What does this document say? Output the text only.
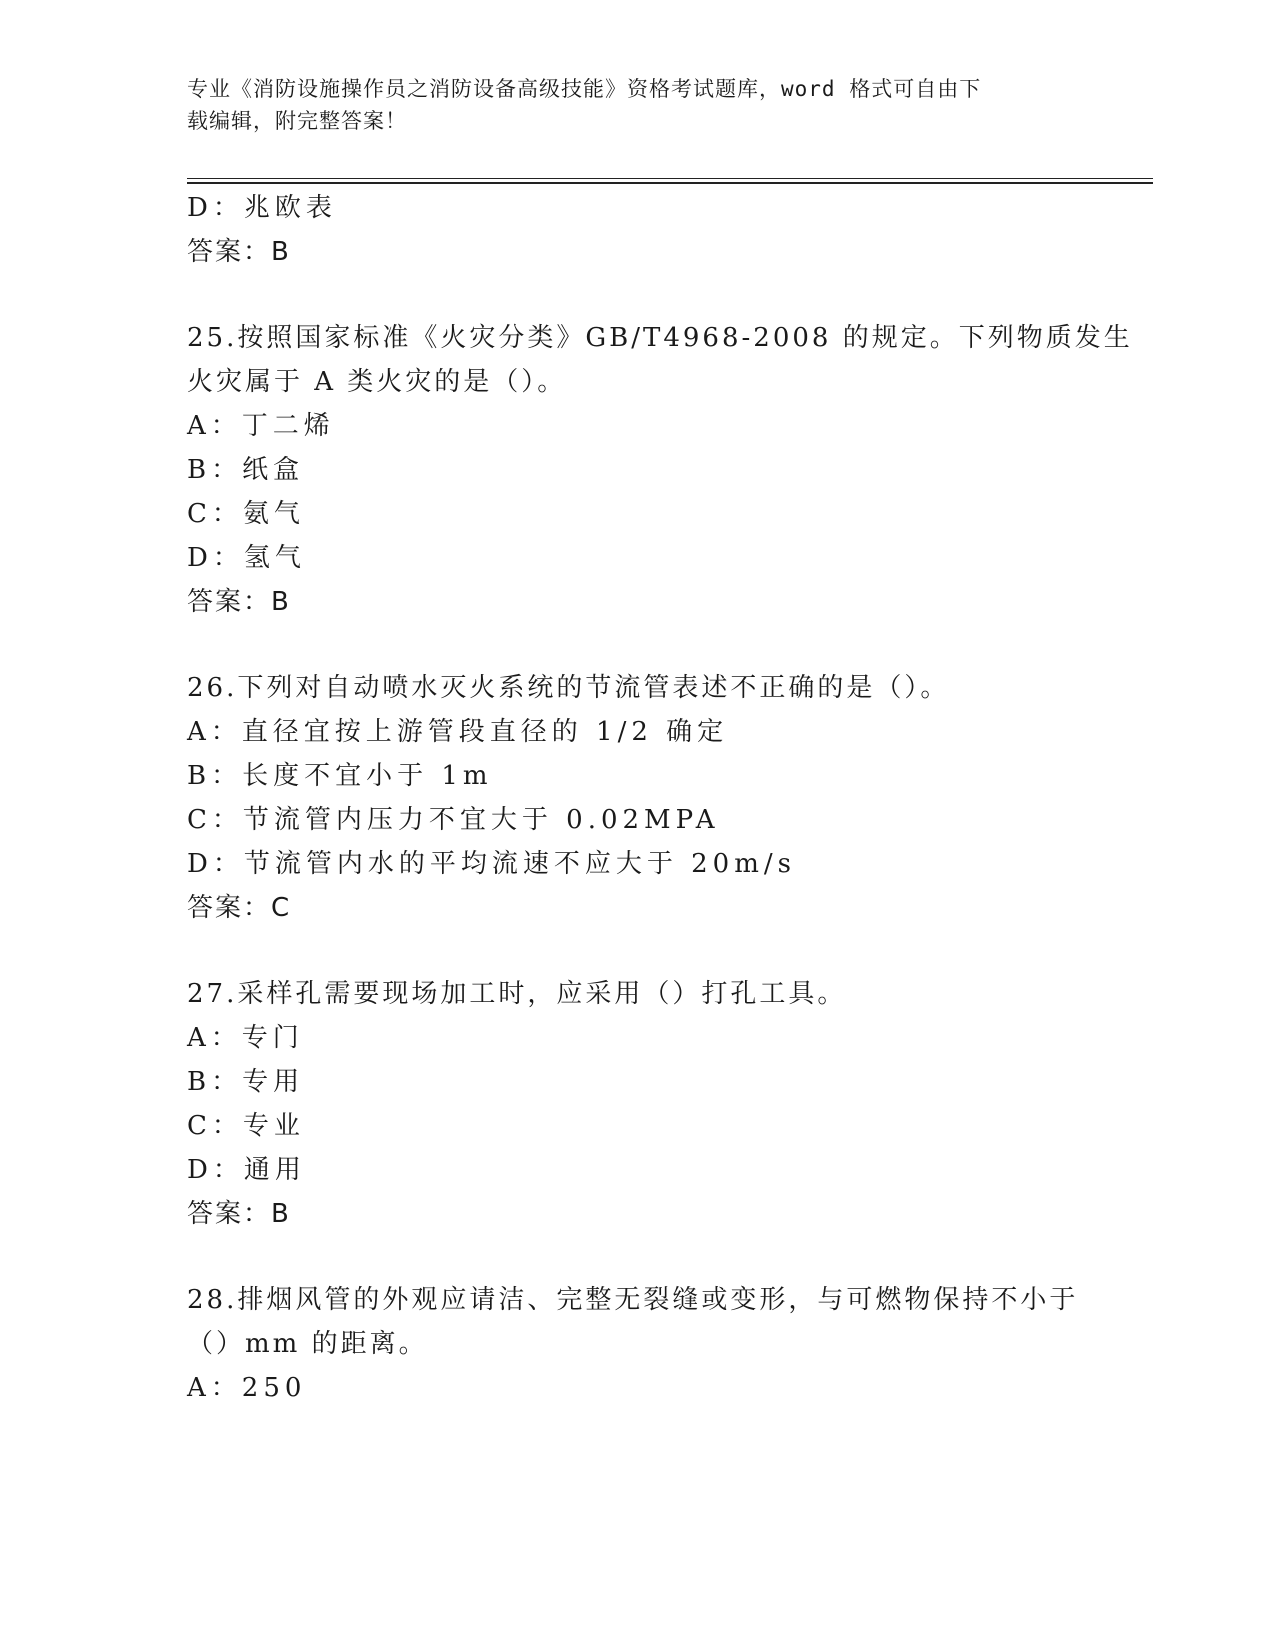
专业《消防设施操作员之消防设备高级技能》资格考试题库，word 格式可自由下
载编辑，附完整答案！
D：兆欧表
答案：B
25.按照国家标准《火灾分类》GB/T4968-2008 的规定。下列物质发生
火灾属于 A 类火灾的是（）。
A：丁二烯
B：纸盒
C：氨气
D：氢气
答案：B
26.下列对自动喷水灭火系统的节流管表述不正确的是（）。
A：直径宜按上游管段直径的 1/2 确定
B：长度不宜小于 1m
C：节流管内压力不宜大于 0.02MPA
D：节流管内水的平均流速不应大于 20m/s
答案：C
27.采样孔需要现场加工时，应采用（）打孔工具。
A：专门
B：专用
C：专业
D：通用
答案：B
28.排烟风管的外观应请洁、完整无裂缝或变形，与可燃物保持不小于
（）mm 的距离。
A：250
